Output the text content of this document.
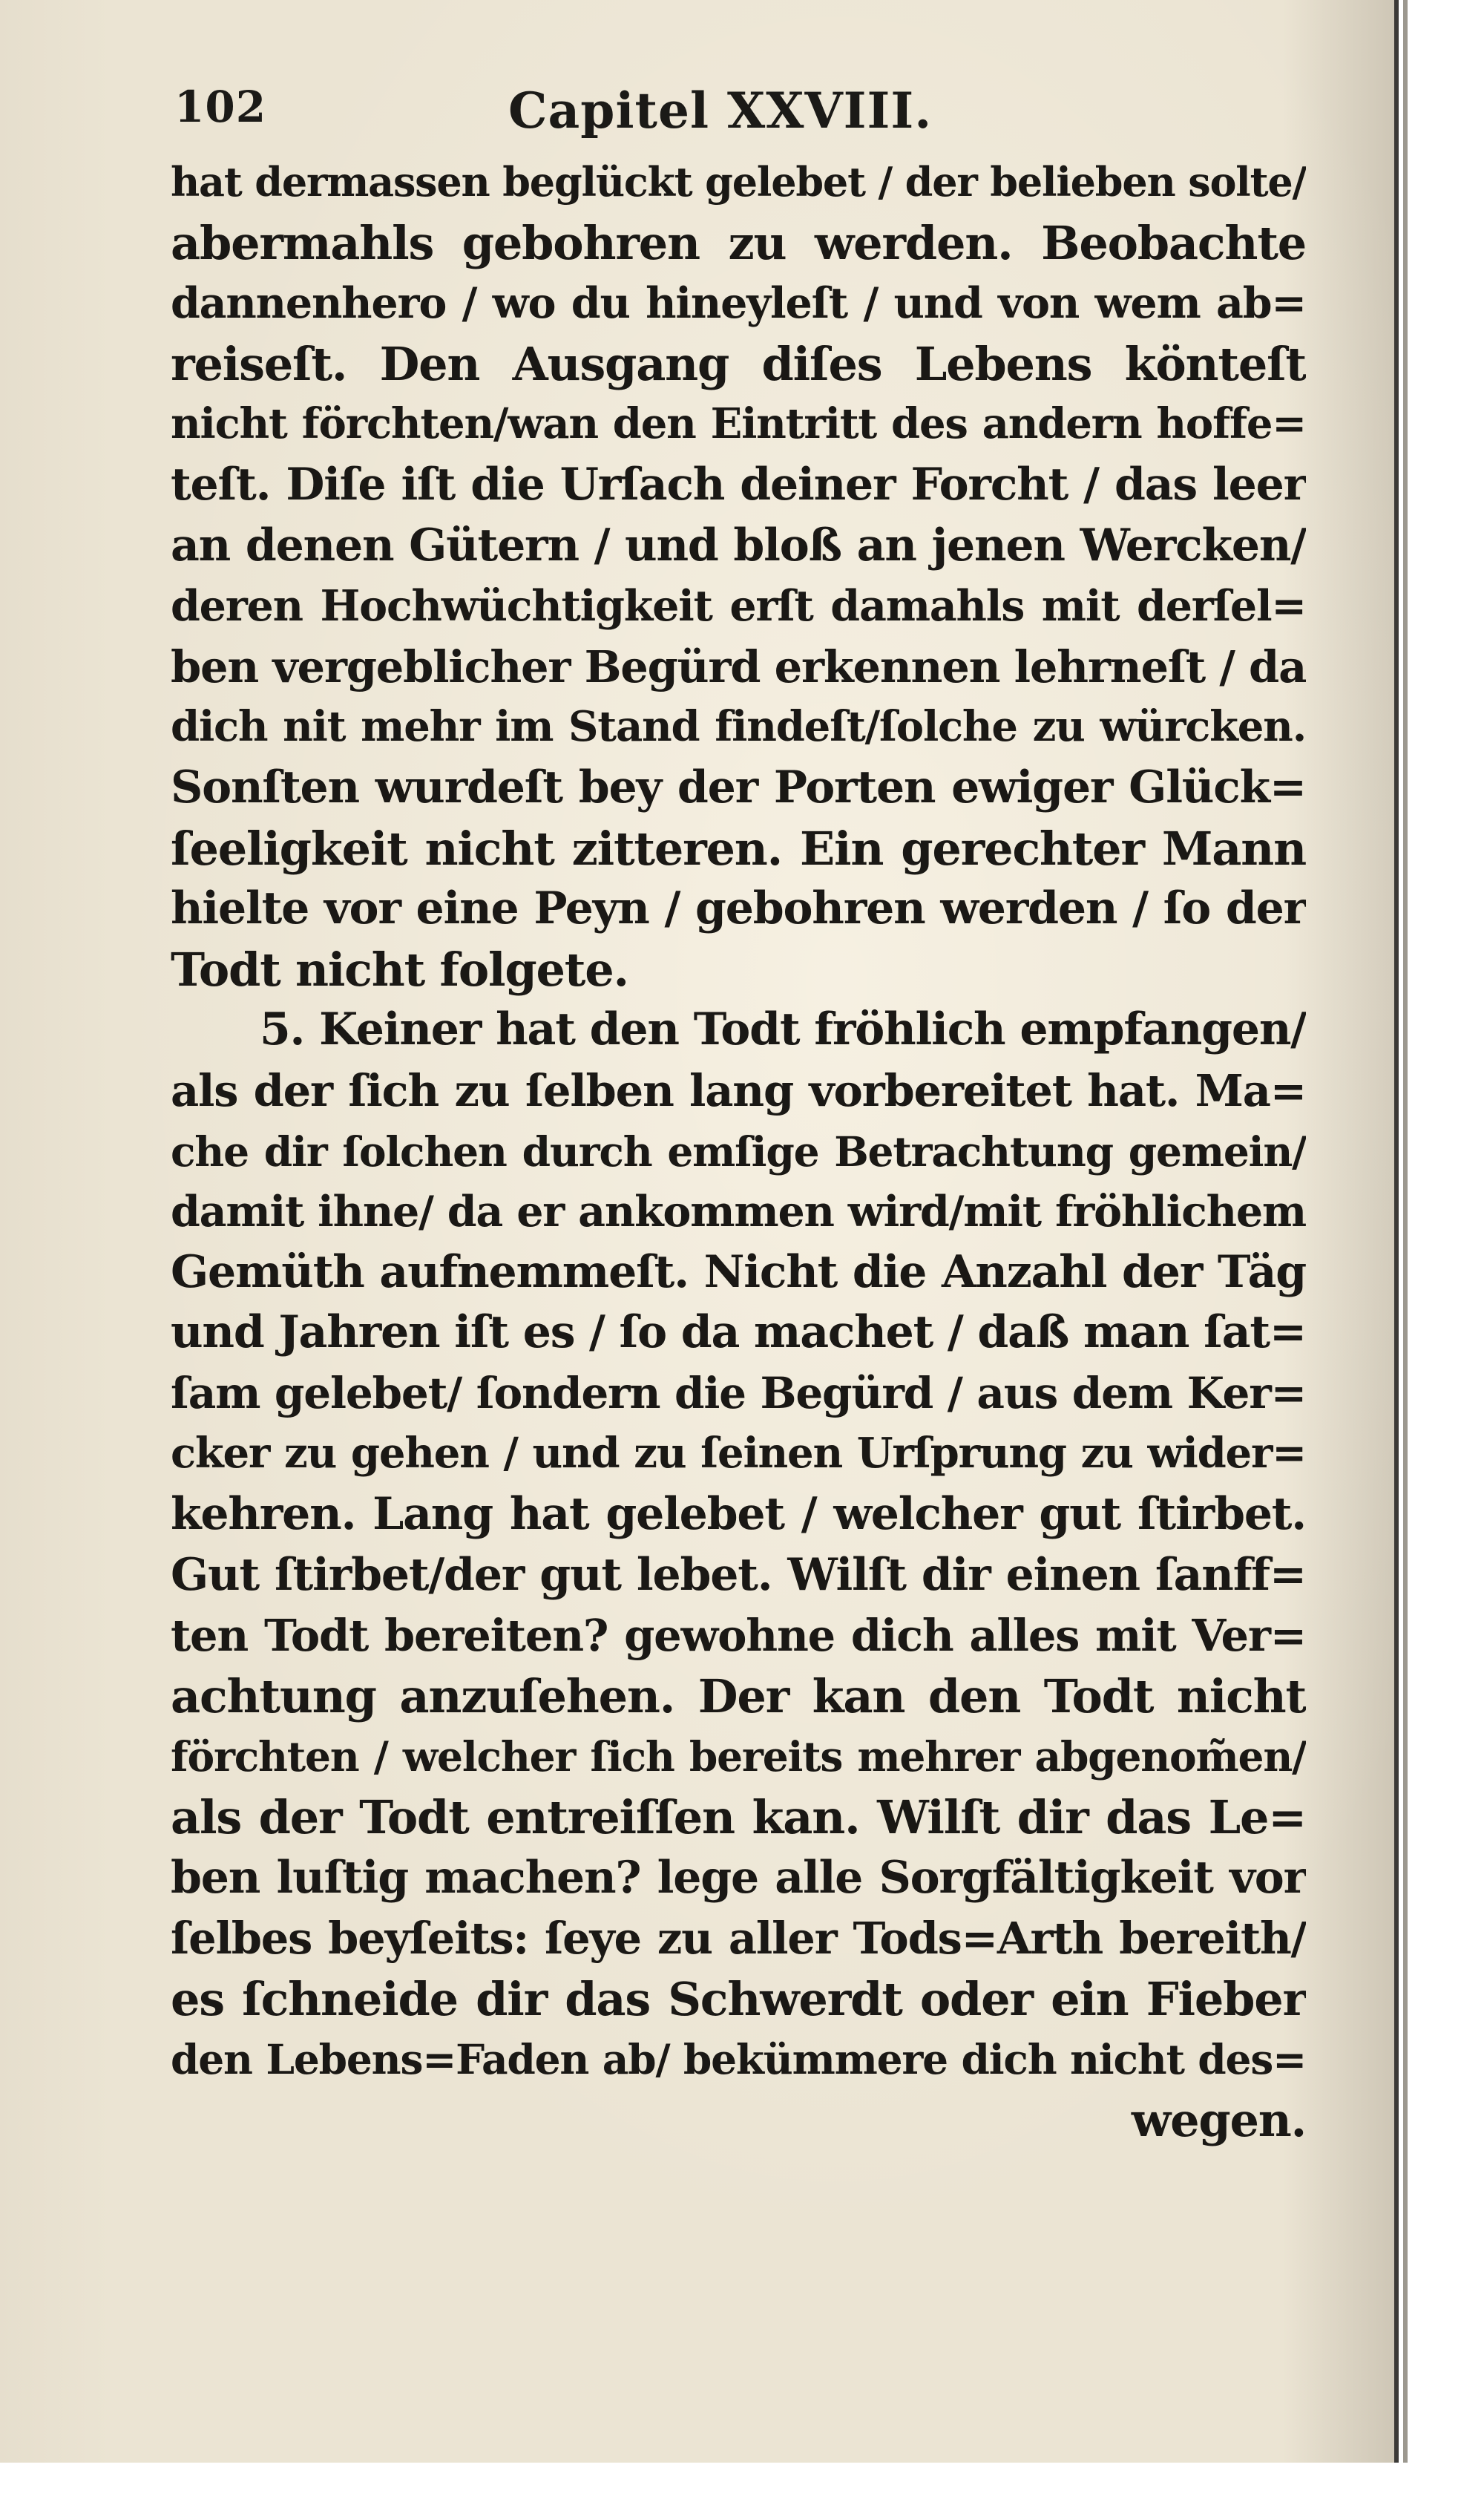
102	Capitel XXVIII.
hat dermassen beglückt gelebet / der belieben solte/
abermahls gebohren zu werden. Beobachte
dannenhero / wo du hineyleſt / und von wem ab=
reiseſt. Den Ausgang diſes Lebens könteſt
nicht förchten/wan den Eintritt des andern hoffe=
teſt. Diſe iſt die Urſach deiner Forcht / das leer
an denen Gütern / und bloß an jenen Wercken/
deren Hochwüchtigkeit erſt damahls mit derſel=
ben vergeblicher Begürd erkennen lehrneſt / da
dich nit mehr im Stand findeſt/ſolche zu würcken.
Sonſten wurdeſt bey der Porten ewiger Glück=
ſeeligkeit nicht zitteren. Ein gerechter Mann
hielte vor eine Peyn / gebohren werden / ſo der
Todt nicht folgete.
5. Keiner hat den Todt fröhlich empfangen/
als der ſich zu ſelben lang vorbereitet hat. Ma=
che dir ſolchen durch emſige Betrachtung gemein/
damit ihne/ da er ankommen wird/mit fröhlichem
Gemüth aufnemmeſt. Nicht die Anzahl der Täg
und Jahren iſt es / ſo da machet / daß man ſat=
ſam gelebet/ ſondern die Begürd / aus dem Ker=
cker zu gehen / und zu ſeinen Urſprung zu wider=
kehren. Lang hat gelebet / welcher gut ſtirbet.
Gut ſtirbet/der gut lebet. Wilſt dir einen ſanff=
ten Todt bereiten? gewohne dich alles mit Ver=
achtung anzuſehen. Der kan den Todt nicht
förchten / welcher ſich bereits mehrer abgenom̃en/
als der Todt entreiſſen kan. Wilſt dir das Le=
ben luſtig machen? lege alle Sorgfältigkeit vor
ſelbes beyſeits: ſeye zu aller Tods=Arth bereith/
es ſchneide dir das Schwerdt oder ein Fieber
den Lebens=Faden ab/ bekümmere dich nicht des=
wegen.
